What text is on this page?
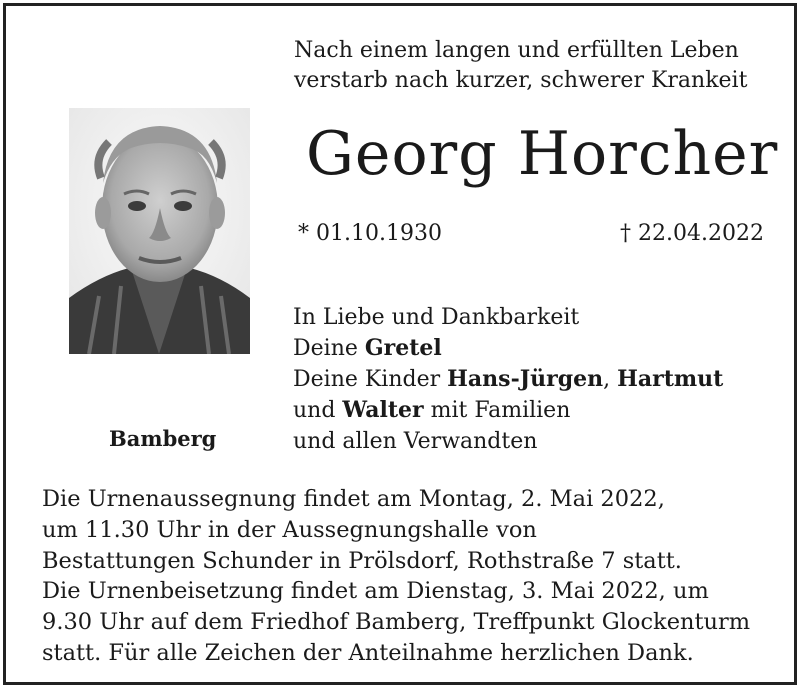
Nach einem langen und erfüllten Leben
verstarb nach kurzer, schwerer Krankeit
Georg Horcher
* 01.10.1930	† 22.04.2022
Bamberg
In Liebe und Dankbarkeit
Deine Gretel
Deine Kinder Hans-Jürgen, Hartmut
und Walter mit Familien
und allen Verwandten
Die Urnenaussegnung findet am Montag, 2. Mai 2022,
um 11.30 Uhr in der Aussegnungshalle von
Bestattungen Schunder in Prölsdorf, Rothstraße 7 statt.
Die Urnenbeisetzung findet am Dienstag, 3. Mai 2022, um
9.30 Uhr auf dem Friedhof Bamberg, Treffpunkt Glockenturm
statt. Für alle Zeichen der Anteilnahme herzlichen Dank.
